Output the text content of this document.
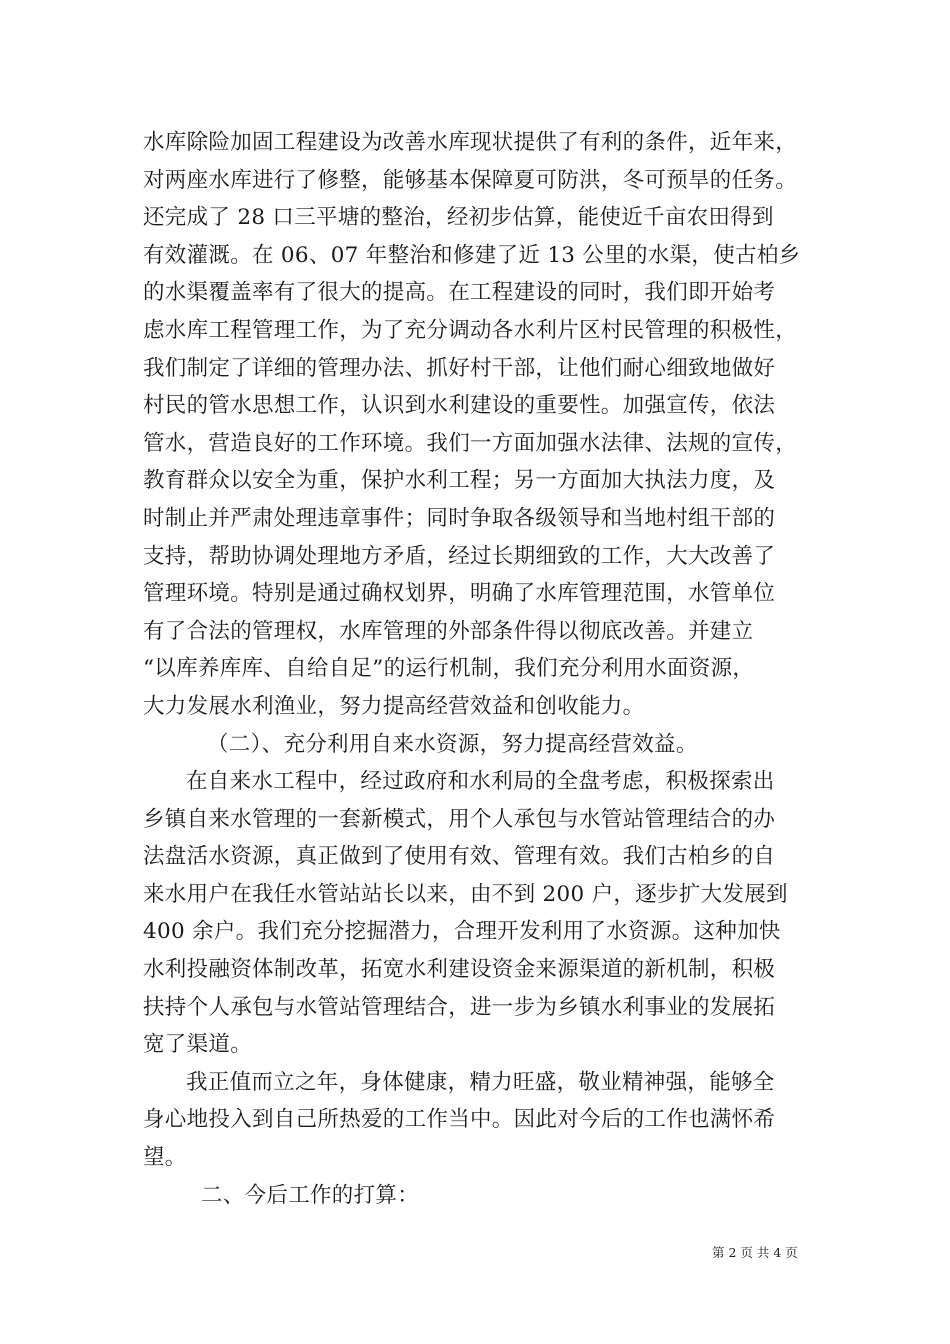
水库除险加固工程建设为改善水库现状提供了有利的条件，近年来，
对两座水库进行了修整，能够基本保障夏可防洪，冬可预旱的任务。
还完成了 28 口三平塘的整治，经初步估算，能使近千亩农田得到
有效灌溉。在 06、07 年整治和修建了近 13 公里的水渠，使古柏乡
的水渠覆盖率有了很大的提高。在工程建设的同时，我们即开始考
虑水库工程管理工作，为了充分调动各水利片区村民管理的积极性，
我们制定了详细的管理办法、抓好村干部，让他们耐心细致地做好
村民的管水思想工作，认识到水利建设的重要性。加强宣传，依法
管水，营造良好的工作环境。我们一方面加强水法律、法规的宣传，
教育群众以安全为重，保护水利工程；另一方面加大执法力度，及
时制止并严肃处理违章事件；同时争取各级领导和当地村组干部的
支持，帮助协调处理地方矛盾，经过长期细致的工作，大大改善了
管理环境。特别是通过确权划界，明确了水库管理范围，水管单位
有了合法的管理权，水库管理的外部条件得以彻底改善。并建立
“以库养库库、自给自足”的运行机制，我们充分利用水面资源，
大力发展水利渔业，努力提高经营效益和创收能力。
（二）、充分利用自来水资源，努力提高经营效益。
在自来水工程中，经过政府和水利局的全盘考虑，积极探索出
乡镇自来水管理的一套新模式，用个人承包与水管站管理结合的办
法盘活水资源，真正做到了使用有效、管理有效。我们古柏乡的自
来水用户在我任水管站站长以来，由不到 200 户，逐步扩大发展到
400 余户。我们充分挖掘潜力，合理开发利用了水资源。这种加快
水利投融资体制改革，拓宽水利建设资金来源渠道的新机制，积极
扶持个人承包与水管站管理结合，进一步为乡镇水利事业的发展拓
宽了渠道。
我正值而立之年，身体健康，精力旺盛，敬业精神强，能够全
身心地投入到自己所热爱的工作当中。因此对今后的工作也满怀希
望。
二、今后工作的打算：
第 2 页 共 4 页
